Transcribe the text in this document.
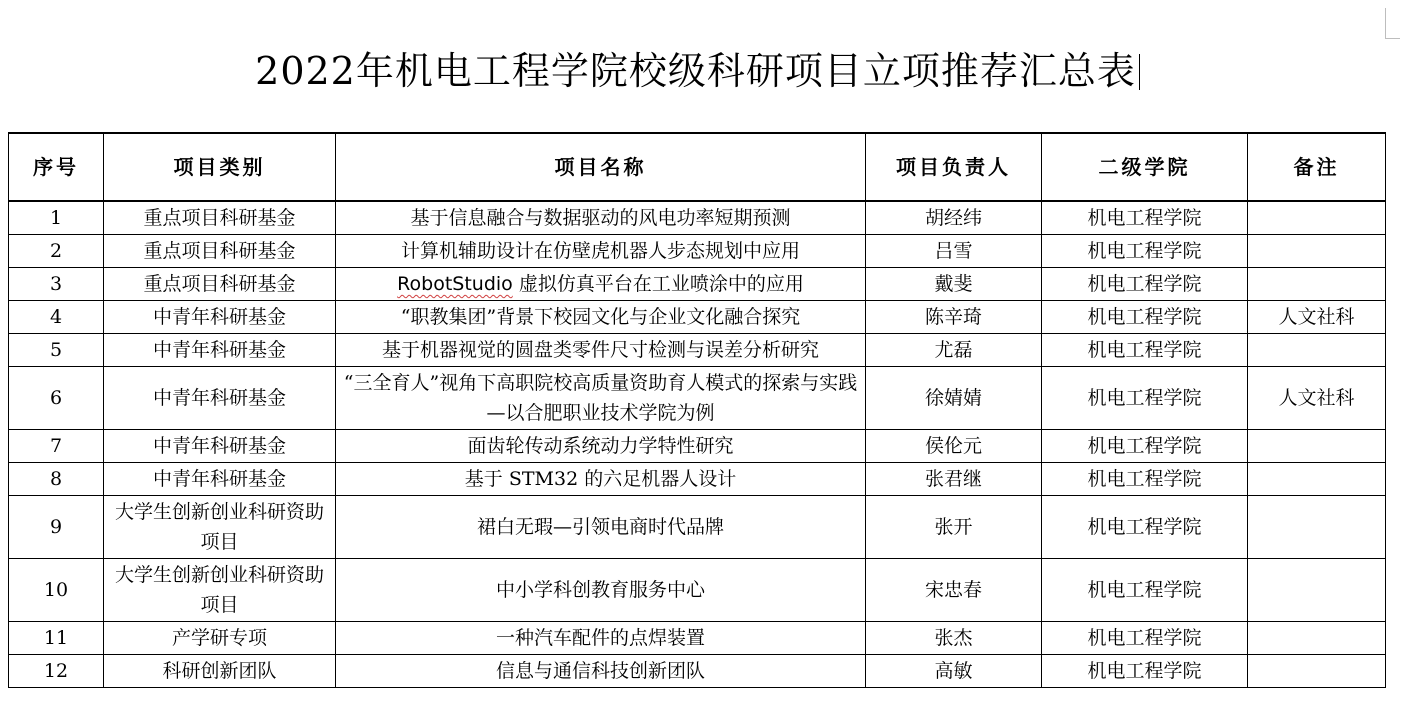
2022年机电工程学院校级科研项目立项推荐汇总表
序号	项目类别	项目名称	项目负责人	二级学院	备注
1	重点项目科研基金	基于信息融合与数据驱动的风电功率短期预测	胡经纬	机电工程学院	
2	重点项目科研基金	计算机辅助设计在仿壁虎机器人步态规划中应用	吕雪	机电工程学院	
3	重点项目科研基金	RobotStudio 虚拟仿真平台在工业喷涂中的应用	戴斐	机电工程学院	
4	中青年科研基金	“职教集团”背景下校园文化与企业文化融合探究	陈辛琦	机电工程学院	人文社科
5	中青年科研基金	基于机器视觉的圆盘类零件尺寸检测与误差分析研究	尤磊	机电工程学院	
6	中青年科研基金	“三全育人”视角下高职院校高质量资助育人模式的探索与实践—以合肥职业技术学院为例	徐婧婧	机电工程学院	人文社科
7	中青年科研基金	面齿轮传动系统动力学特性研究	侯伦元	机电工程学院	
8	中青年科研基金	基于 STM32 的六足机器人设计	张君继	机电工程学院	
9	大学生创新创业科研资助项目	裙白无瑕—引领电商时代品牌	张开	机电工程学院	
10	大学生创新创业科研资助项目	中小学科创教育服务中心	宋忠春	机电工程学院	
11	产学研专项	一种汽车配件的点焊装置	张杰	机电工程学院	
12	科研创新团队	信息与通信科技创新团队	高敏	机电工程学院	
